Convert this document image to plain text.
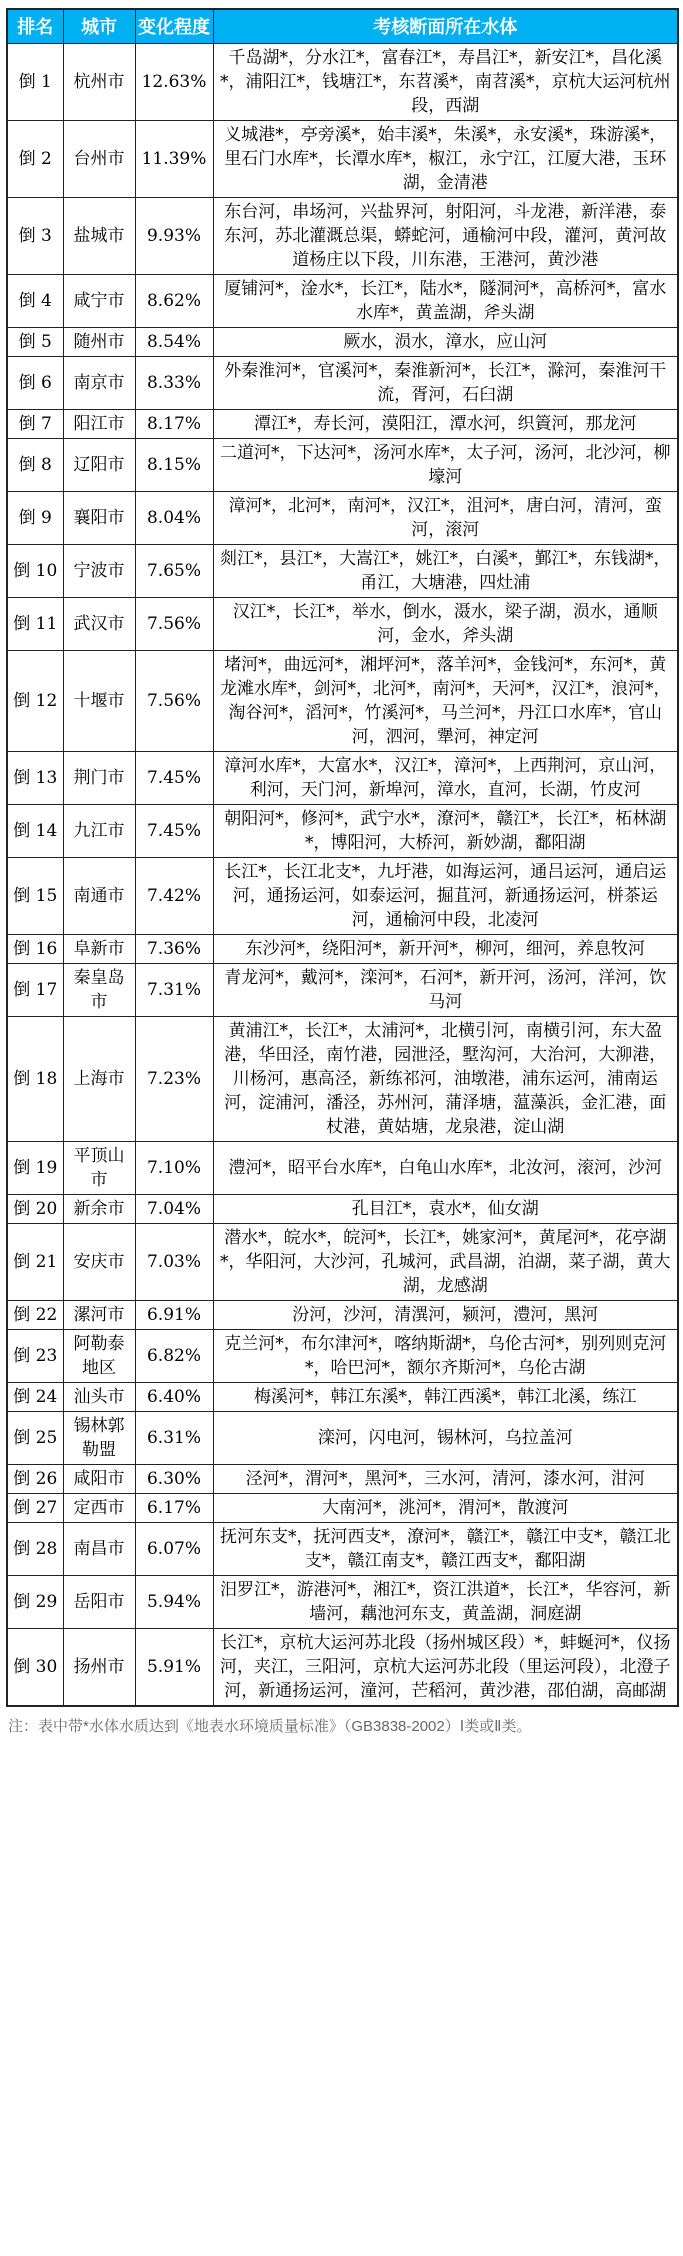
排名	城市	变化程度	考核断面所在水体
倒 1	杭州市	12.63%	千岛湖*，分水江*，富春江*，寿昌江*，新安江*，昌化溪*，浦阳江*，钱塘江*，东苕溪*，南苕溪*，京杭大运河杭州段，西湖
倒 2	台州市	11.39%	义城港*，亭旁溪*，始丰溪*，朱溪*，永安溪*，珠游溪*，里石门水库*，长潭水库*，椒江，永宁江，江厦大港，玉环湖，金清港
倒 3	盐城市	9.93%	东台河，串场河，兴盐界河，射阳河，斗龙港，新洋港，泰东河，苏北灌溉总渠，蟒蛇河，通榆河中段，灌河，黄河故道杨庄以下段，川东港，王港河，黄沙港
倒 4	咸宁市	8.62%	厦铺河*，淦水*，长江*，陆水*，隧洞河*，高桥河*，富水水库*，黄盖湖，斧头湖
倒 5	随州市	8.54%	厥水，涢水，漳水，应山河
倒 6	南京市	8.33%	外秦淮河*，官溪河*，秦淮新河*，长江*，滁河，秦淮河干流，胥河，石臼湖
倒 7	阳江市	8.17%	潭江*，寿长河，漠阳江，潭水河，织篢河，那龙河
倒 8	辽阳市	8.15%	二道河*，下达河*，汤河水库*，太子河，汤河，北沙河，柳壕河
倒 9	襄阳市	8.04%	漳河*，北河*，南河*，汉江*，沮河*，唐白河，清河，蛮河，滚河
倒 10	宁波市	7.65%	剡江*，县江*，大嵩江*，姚江*，白溪*，鄞江*，东钱湖*，甬江，大塘港，四灶浦
倒 11	武汉市	7.56%	汉江*，长江*，举水，倒水，滠水，梁子湖，涢水，通顺河，金水，斧头湖
倒 12	十堰市	7.56%	堵河*，曲远河*，湘坪河*，落羊河*，金钱河*，东河*，黄龙滩水库*，剑河*，北河*，南河*，天河*，汉江*，浪河*，淘谷河*，滔河*，竹溪河*，马兰河*，丹江口水库*，官山河，泗河，犟河，神定河
倒 13	荆门市	7.45%	漳河水库*，大富水*，汉江*，漳河*，上西荆河，京山河，利河，天门河，新埠河，漳水，直河，长湖，竹皮河
倒 14	九江市	7.45%	朝阳河*，修河*，武宁水*，潦河*，赣江*，长江*，柘林湖*，博阳河，大桥河，新妙湖，鄱阳湖
倒 15	南通市	7.42%	长江*，长江北支*，九圩港，如海运河，通吕运河，通启运河，通扬运河，如泰运河，掘苴河，新通扬运河，栟茶运河，通榆河中段，北凌河
倒 16	阜新市	7.36%	东沙河*，绕阳河*，新开河*，柳河，细河，养息牧河
倒 17	秦皇岛市	7.31%	青龙河*，戴河*，滦河*，石河*，新开河，汤河，洋河，饮马河
倒 18	上海市	7.23%	黄浦江*，长江*，太浦河*，北横引河，南横引河，东大盈港，华田泾，南竹港，园泄泾，墅沟河，大治河，大泖港，川杨河，惠高泾，新练祁河，油墩港，浦东运河，浦南运河，淀浦河，潘泾，苏州河，蒲泽塘，蕰藻浜，金汇港，面杖港，黄姑塘，龙泉港，淀山湖
倒 19	平顶山市	7.10%	澧河*，昭平台水库*，白龟山水库*，北汝河，滚河，沙河
倒 20	新余市	7.04%	孔目江*，袁水*，仙女湖
倒 21	安庆市	7.03%	潜水*，皖水*，皖河*，长江*，姚家河*，黄尾河*，花亭湖*，华阳河，大沙河，孔城河，武昌湖，泊湖，菜子湖，黄大湖，龙感湖
倒 22	漯河市	6.91%	汾河，沙河，清潩河，颍河，澧河，黑河
倒 23	阿勒泰地区	6.82%	克兰河*，布尔津河*，喀纳斯湖*，乌伦古河*，别列则克河*，哈巴河*，额尔齐斯河*，乌伦古湖
倒 24	汕头市	6.40%	梅溪河*，韩江东溪*，韩江西溪*，韩江北溪，练江
倒 25	锡林郭勒盟	6.31%	滦河，闪电河，锡林河，乌拉盖河
倒 26	咸阳市	6.30%	泾河*，渭河*，黑河*，三水河，清河，漆水河，泔河
倒 27	定西市	6.17%	大南河*，洮河*，渭河*，散渡河
倒 28	南昌市	6.07%	抚河东支*，抚河西支*，潦河*，赣江*，赣江中支*，赣江北支*，赣江南支*，赣江西支*，鄱阳湖
倒 29	岳阳市	5.94%	汨罗江*，游港河*，湘江*，资江洪道*，长江*，华容河，新墙河，藕池河东支，黄盖湖，洞庭湖
倒 30	扬州市	5.91%	长江*，京杭大运河苏北段（扬州城区段）*，蚌蜒河*，仪扬河，夹江，三阳河，京杭大运河苏北段（里运河段），北澄子河，新通扬运河，潼河，芒稻河，黄沙港，邵伯湖，高邮湖
注：表中带*水体水质达到《地表水环境质量标准》（GB3838-2002）Ⅰ类或Ⅱ类。
